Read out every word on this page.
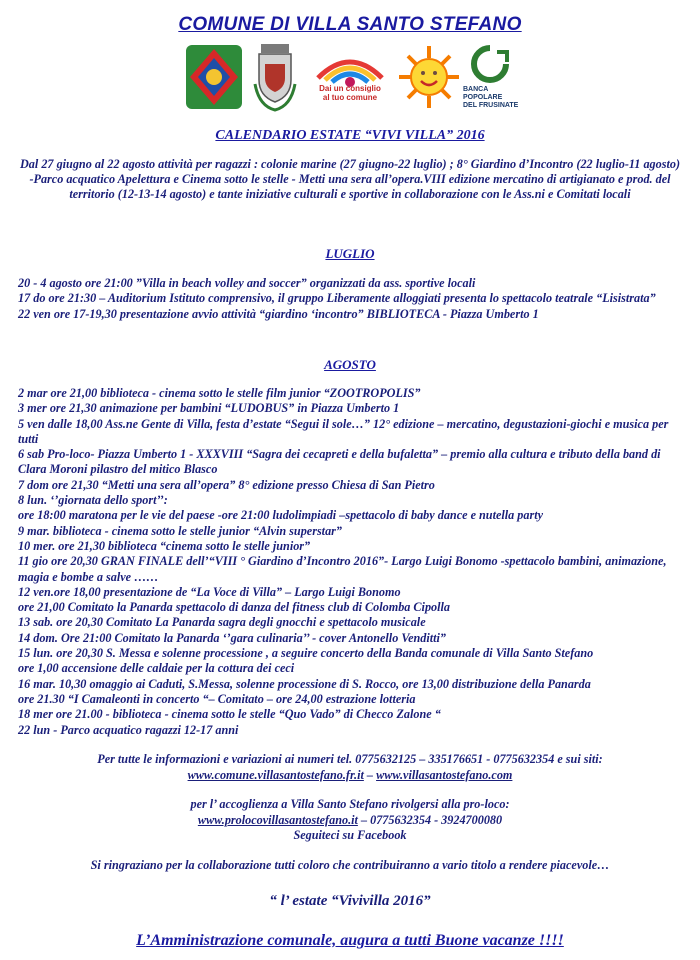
COMUNE DI VILLA SANTO STEFANO
Dai un consiglio
al tuo comune
BANCA POPOLARE
DEL FRUSINATE
CALENDARIO ESTATE “VIVI VILLA” 2016
Dal 27 giugno al 22 agosto attività per ragazzi : colonie marine (27 giugno-22 luglio) ; 8° Giardino d’Incontro (22 luglio-11 agosto) -Parco acquatico Apelettura e Cinema sotto le stelle - Metti una sera all’opera.VIII edizione mercatino di artigianato e prod. del territorio (12-13-14 agosto) e tante iniziative culturali e sportive in collaborazione con le Ass.ni e Comitati locali
LUGLIO
20 - 4 agosto ore 21:00 ”Villa in beach volley and soccer” organizzati da ass. sportive locali
17 do ore 21:30 – Auditorium Istituto comprensivo, il gruppo Liberamente alloggiati presenta lo spettacolo teatrale “Lisistrata”
22 ven ore 17-19,30 presentazione avvio attività “giardino ‘incontro” BIBLIOTECA - Piazza Umberto 1
AGOSTO
2 mar ore 21,00 biblioteca - cinema sotto le stelle film junior “ZOOTROPOLIS”
3 mer ore 21,30 animazione per bambini “LUDOBUS” in Piazza Umberto 1
5 ven dalle 18,00 Ass.ne Gente di Villa, festa d’estate “Segui il sole…” 12° edizione – mercatino, degustazioni-giochi e musica per tutti
6 sab Pro-loco- Piazza Umberto 1 - XXXVIII “Sagra dei cecapreti e della bufaletta” – premio alla cultura e tributo della band di Clara Moroni pilastro del mitico Blasco
7 dom ore 21,30 “Metti una sera all’opera” 8° edizione presso Chiesa di San Pietro
8 lun. ‘’giornata dello sport’’:
ore 18:00 maratona per le vie del paese -ore 21:00 ludolimpiadi –spettacolo di baby dance e nutella party
9 mar. biblioteca - cinema sotto le stelle junior “Alvin superstar”
10 mer. ore 21,30 biblioteca “cinema sotto le stelle junior”
11 gio ore 20,30 GRAN FINALE dell’“VIII ° Giardino d’Incontro 2016”- Largo Luigi Bonomo -spettacolo bambini, animazione, magia e bombe a salve ……
12 ven.ore 18,00 presentazione de “La Voce di Villa” – Largo Luigi Bonomo
ore 21,00 Comitato la Panarda spettacolo di danza del fitness club di Colomba Cipolla
13 sab. ore 20,30 Comitato La Panarda sagra degli gnocchi e spettacolo musicale
14 dom. Ore 21:00 Comitato la Panarda ‘’gara culinaria’’ - cover Antonello Venditti”
15 lun. ore 20,30 S. Messa e solenne processione , a seguire concerto della Banda comunale di Villa Santo Stefano
ore 1,00 accensione delle caldaie per la cottura dei ceci
16 mar. 10,30 omaggio ai Caduti, S.Messa, solenne processione di S. Rocco, ore 13,00 distribuzione della Panarda
ore 21.30 “I Camaleonti in concerto “– Comitato – ore 24,00 estrazione lotteria
18 mer ore 21.00 - biblioteca - cinema sotto le stelle “Quo Vado” di Checco Zalone “
22 lun - Parco acquatico ragazzi 12-17 anni
Per tutte le informazioni e variazioni ai numeri tel. 0775632125 – 335176651 - 0775632354 e sui siti:
www.comune.villasantostefano.fr.it – www.villasantostefano.com
per l’ accoglienza a Villa Santo Stefano rivolgersi alla pro-loco:
www.prolocovillasantostefano.it – 0775632354 - 3924700080
Seguiteci su Facebook
Si ringraziano per la collaborazione tutti coloro che contribuiranno a vario titolo a rendere piacevole…
“ l’ estate “Vivivilla 2016”
L’Amministrazione comunale, augura a tutti Buone vacanze !!!!
